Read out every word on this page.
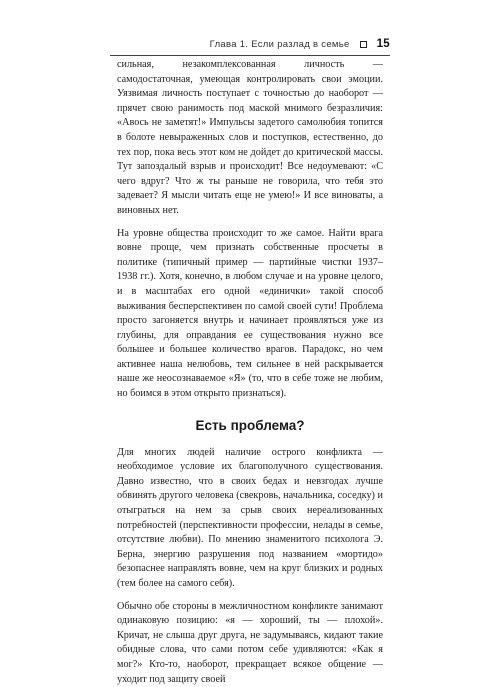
Глава 1. Если разлад в семье 15

сильная, незакомплексованная личность — самодостаточная, умеющая контролировать свои эмоции. Уязвимая личность поступает с точностью до наоборот — прячет свою ранимость под маской мнимого безразличия: «Авось не заметят!» Импульсы задетого самолюбия топится в болоте невыраженных слов и поступков, естественно, до тех пор, пока весь этот ком не дойдет до критической массы. Тут запоздалый взрыв и происходит! Все недоумевают: «С чего вдруг? Что ж ты раньше не говорила, что тебя это задевает? Я мысли читать еще не умею!» И все виноваты, а виновных нет.

На уровне общества происходит то же самое. Найти врага вовне проще, чем признать собственные просчеты в политике (типичный пример — партийные чистки 1937–1938 гг.). Хотя, конечно, в любом случае и на уровне целого, и в масштабах его одной «единички» такой способ выживания бесперспективен по самой своей сути! Проблема просто загоняется внутрь и начинает проявляться уже из глубины, для оправдания ее существования нужно все большее и большее количество врагов. Парадокс, но чем активнее наша нелюбовь, тем сильнее в ней раскрывается наше же неосознаваемое «Я» (то, что в себе тоже не любим, но боимся в этом открыто признаться).

Есть проблема?

Для многих людей наличие острого конфликта — необходимое условие их благополучного существования. Давно известно, что в своих бедах и невзгодах лучше обвинять другого человека (свекровь, начальника, соседку) и отыграться на нем за срыв своих нереализованных потребностей (перспективности профессии, нелады в семье, отсутствие любви). По мнению знаменитого психолога Э. Берна, энергию разрушения под названием «мортидо» безопаснее направлять вовне, чем на круг близких и родных (тем более на самого себя).

Обычно обе стороны в межличностном конфликте занимают одинаковую позицию: «я — хороший, ты — плохой». Кричат, не слыша друг друга, не задумываясь, кидают такие обидные слова, что сами потом себе удивляются: «Как я мог?» Кто-то, наоборот, прекращает всякое общение — уходит под защиту своей
